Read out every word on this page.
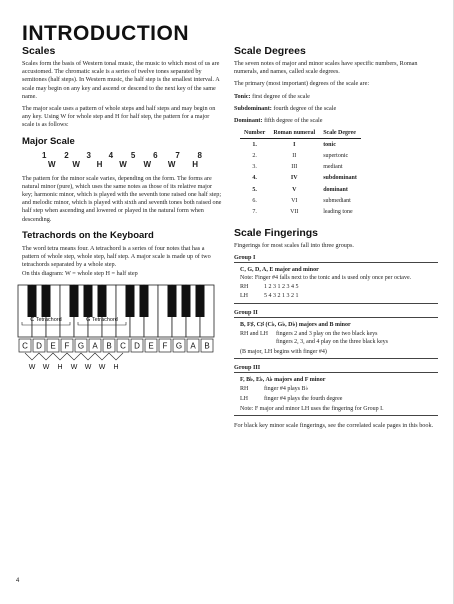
INTRODUCTION
Scales

Scales form the basis of Western tonal music, the music to which most of us are accustomed. The chromatic scale is a series of twelve tones separated by semitones (half steps). In Western music, the half step is the smallest interval. A scale may begin on any key and ascend or descend to the next key of the same name.

The major scale uses a pattern of whole steps and half steps and may begin on any key. Using W for whole step and H for half step, the pattern for a major scale is as follows:

Major Scale
1 2 3 4 5 6 7 8
W W H W W W H

The pattern for the minor scale varies, depending on the form. The forms are natural minor (pure), which uses the same notes as those of its relative major key; harmonic minor, which is played with the seventh tone raised one half step; and melodic minor, which is played with sixth and seventh tones both raised one half step when ascending and lowered or played in the natural form when descending.

Tetrachords on the Keyboard

The word tetra means four. A tetrachord is a series of four notes that has a pattern of whole step, whole step, half step. A major scale is made up of two tetrachords separated by a whole step.

On this diagram: W = whole step H = half step

C Tetrachord	G Tetrachord
C D E F G A B C D E F G A B
W W H W W W H
Scale Degrees

The seven notes of major and minor scales have specific numbers, Roman numerals, and names, called scale degrees.

The primary (most important) degrees of the scale are:

Tonic: first degree of the scale

Subdominant: fourth degree of the scale

Dominant: fifth degree of the scale

Number	Roman numeral	Scale Degree
1.	I	tonic
2.	II	supertonic
3.	III	mediant
4.	IV	subdominant
5.	V	dominant
6.	VI	submediant
7.	VII	leading tone
Scale Fingerings

Fingerings for most scales fall into three groups.

Group I
C, G, D, A, E major and minor
Note: Finger #4 falls next to the tonic and is used only once per octave.
RH	1 2 3 1 2 3 4 5
LH	5 4 3 2 1 3 2 1
Group II
B, F♯, C♯ (C♭, G♭, D♭) majors and B minor
RH and LH	fingers 2 and 3 play on the two black keys
fingers 2, 3, and 4 play on the three black keys
(B major, LH begins with finger #4)
Group III
F, B♭, E♭, A♭ majors and F minor
RH	finger #4 plays B♭
LH	finger #4 plays the fourth degree
Note: F major and minor LH uses the fingering for Group I.

For black key minor scale fingerings, see the correlated scale pages in this book.

4
